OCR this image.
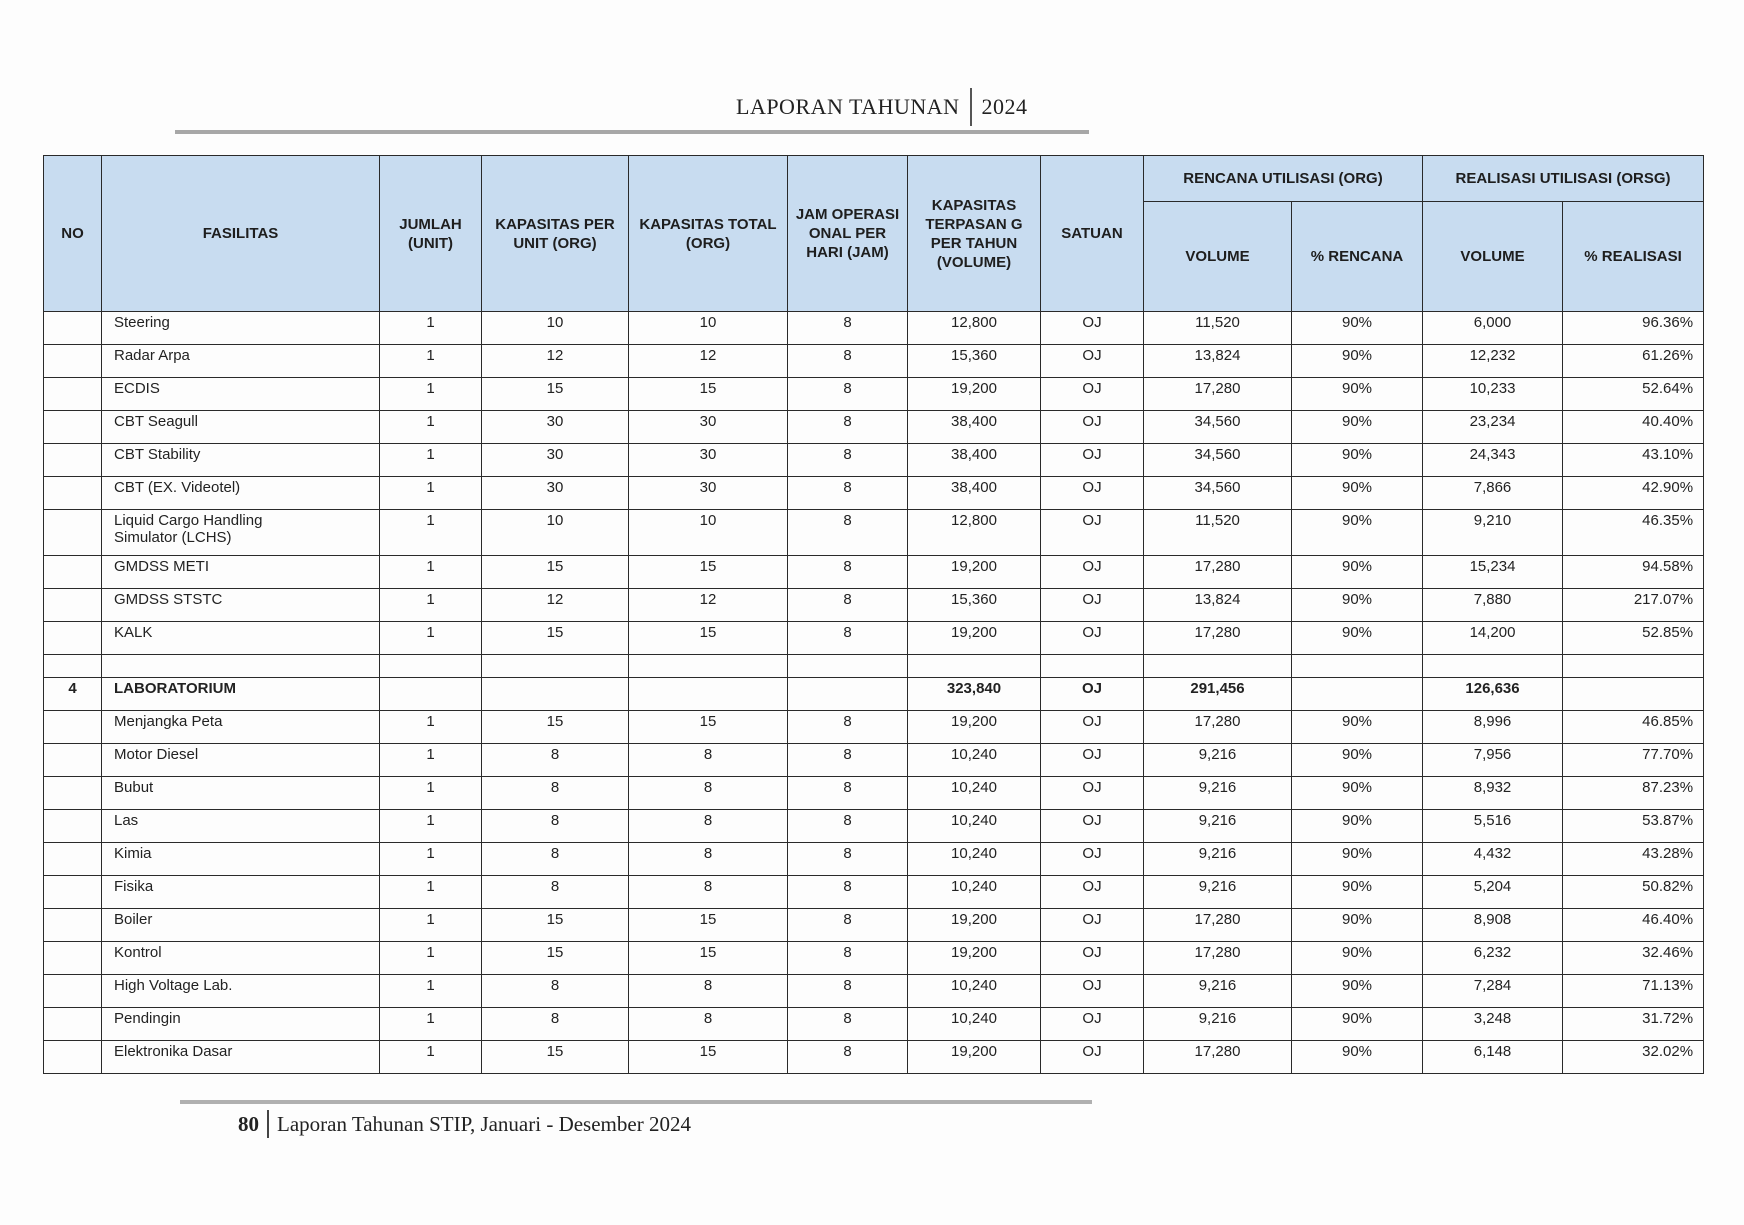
LAPORAN TAHUNAN 2024
NO	FASILITAS	JUMLAH (UNIT)	KAPASITAS PER UNIT (ORG)	KAPASITAS TOTAL (ORG)	JAM OPERASI ONAL PER HARI (JAM)	KAPASITAS TERPASAN G PER TAHUN (VOLUME)	SATUAN	RENCANA UTILISASI (ORG)		REALISASI UTILISASI (ORSG)	
								VOLUME	% RENCANA	VOLUME	% REALISASI
	Steering	1	10	10	8	12,800	OJ	11,520	90%	6,000	96.36%
	Radar Arpa	1	12	12	8	15,360	OJ	13,824	90%	12,232	61.26%
	ECDIS	1	15	15	8	19,200	OJ	17,280	90%	10,233	52.64%
	CBT Seagull	1	30	30	8	38,400	OJ	34,560	90%	23,234	40.40%
	CBT Stability	1	30	30	8	38,400	OJ	34,560	90%	24,343	43.10%
	CBT (EX. Videotel)	1	30	30	8	38,400	OJ	34,560	90%	7,866	42.90%
	Liquid Cargo Handling
Simulator (LCHS)	1	10	10	8	12,800	OJ	11,520	90%	9,210	46.35%
	GMDSS METI	1	15	15	8	19,200	OJ	17,280	90%	15,234	94.58%
	GMDSS STSTC	1	12	12	8	15,360	OJ	13,824	90%	7,880	217.07%
	KALK	1	15	15	8	19,200	OJ	17,280	90%	14,200	52.85%

4	LABORATORIUM					323,840	OJ	291,456		126,636	
	Menjangka Peta	1	15	15	8	19,200	OJ	17,280	90%	8,996	46.85%
	Motor Diesel	1	8	8	8	10,240	OJ	9,216	90%	7,956	77.70%
	Bubut	1	8	8	8	10,240	OJ	9,216	90%	8,932	87.23%
	Las	1	8	8	8	10,240	OJ	9,216	90%	5,516	53.87%
	Kimia	1	8	8	8	10,240	OJ	9,216	90%	4,432	43.28%
	Fisika	1	8	8	8	10,240	OJ	9,216	90%	5,204	50.82%
	Boiler	1	15	15	8	19,200	OJ	17,280	90%	8,908	46.40%
	Kontrol	1	15	15	8	19,200	OJ	17,280	90%	6,232	32.46%
	High Voltage Lab.	1	8	8	8	10,240	OJ	9,216	90%	7,284	71.13%
	Pendingin	1	8	8	8	10,240	OJ	9,216	90%	3,248	31.72%
	Elektronika Dasar	1	15	15	8	19,200	OJ	17,280	90%	6,148	32.02%
80 Laporan Tahunan STIP, Januari - Desember 2024
